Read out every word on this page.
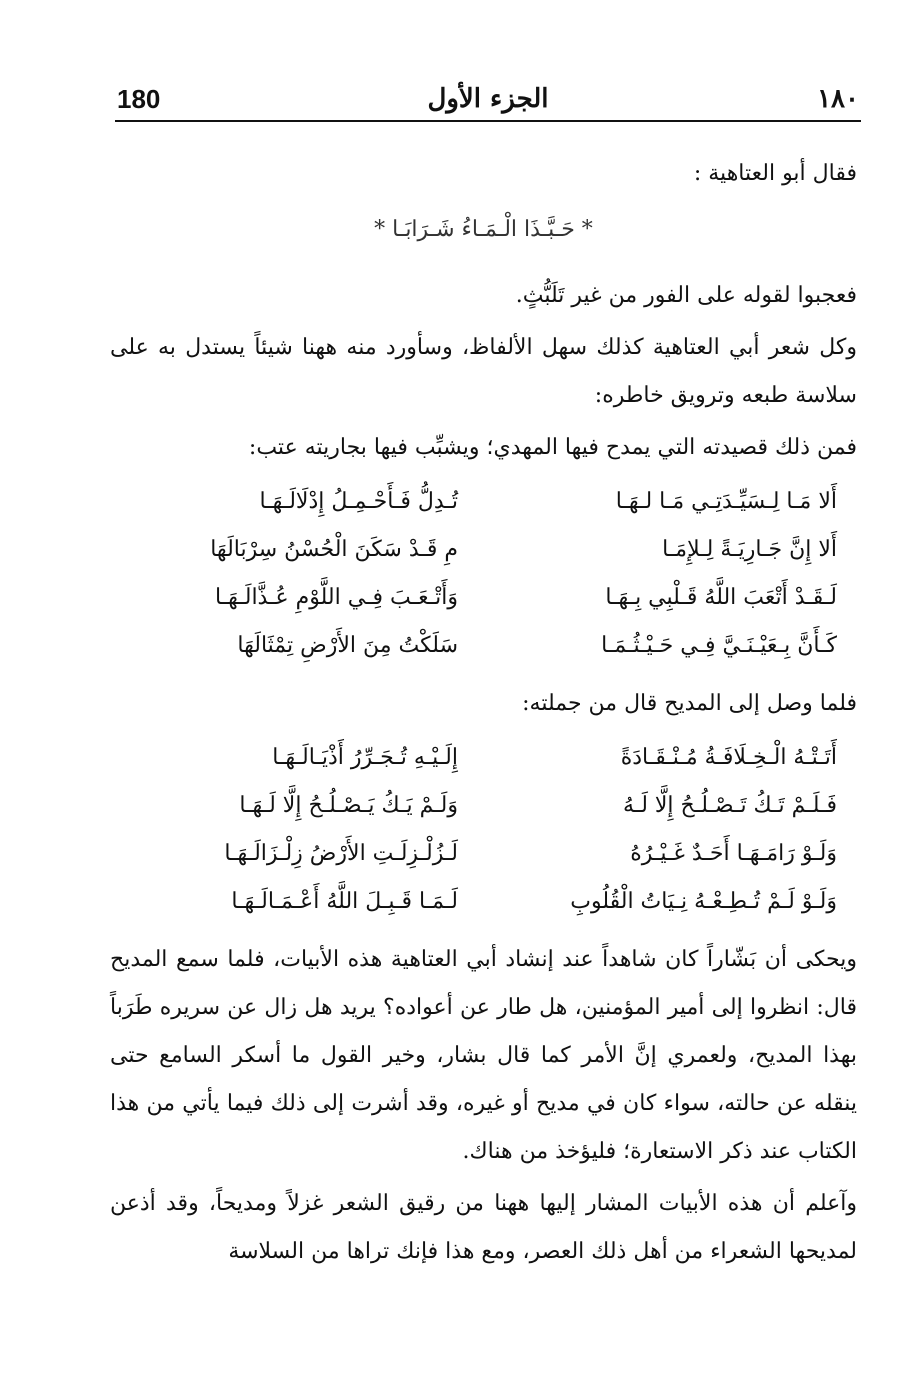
180	الجزء الأول	١٨٠

فقال أبو العتاهية :

* حَـبَّـذَا الْـمَـاءُ شَـرَابَـا *

فعجبوا لقوله على الفور من غير تَلَبُّثٍ.

وكل شعر أبي العتاهية كذلك سهل الألفاظ، وسأورد منه ههنا شيئاً يستدل به على سلاسة طبعه وترويق خاطره:

فمن ذلك قصيدته التي يمدح فيها المهدي؛ ويشبِّب فيها بجاريته عتب:

أَلا مَـا لِـسَيِّـدَتِـي مَـا لـهَـا
تُـدِلُّ فَـأَحْـمِـلُ إِدْلَالَـهَـا
أَلا إِنَّ جَـارِيَـةً لِـلإِمَـا
مِ قَـدْ سَكَنَ الْحُسْنُ سِرْبَالَهَا
لَـقَـدْ أَتْعَبَ اللَّهُ قَـلْبِي بِـهَـا
وَأَتْـعَـبَ فِـي اللَّوْمِ عُـذَّالَـهَـا
كَـأَنَّ بِـعَيْـنَـيَّ فِـي حَـيْـثُـمَـا
سَلَكْتُ مِنَ الأَرْضِ تِمْثَالَهَا

فلما وصل إلى المديح قال من جملته:

أَتَـتْـهُ الْـخِـلَافَـةُ مُـنْـقَـادَةً
إِلَـيْـهِ تُـجَـرِّرُ أَذْيَـالَـهَـا
فَـلَـمْ تَـكُ تَـصْـلُـحُ إِلَّا لَـهُ
وَلَـمْ يَـكُ يَـصْـلُـحُ إِلَّا لَـهَـا
وَلَـوْ رَامَـهَـا أَحَـدٌ غَـيْـرُهُ
لَـزُلْـزِلَـتِ الأَرْضُ زِلْـزَالَـهَـا
وَلَـوْ لَـمْ تُـطِـعْـهُ نِـيَاتُ الْقُلُوبِ
لَـمَـا قَـبِـلَ اللَّهُ أَعْـمَـالَـهَـا

ويحكى أن بَشّاراً كان شاهداً عند إنشاد أبي العتاهية هذه الأبيات، فلما سمع المديح قال: انظروا إلى أمير المؤمنين، هل طار عن أعواده؟ يريد هل زال عن سريره طَرَباً بهذا المديح، ولعمري إنَّ الأمر كما قال بشار، وخير القول ما أسكر السامع حتى ينقله عن حالته، سواء كان في مديح أو غيره، وقد أشرت إلى ذلك فيما يأتي من هذا الكتاب عند ذكر الاستعارة؛ فليؤخذ من هناك.

وآعلم أن هذه الأبيات المشار إليها ههنا من رقيق الشعر غزلاً ومديحاً، وقد أذعن لمديحها الشعراء من أهل ذلك العصر، ومع هذا فإنك تراها من السلاسة
